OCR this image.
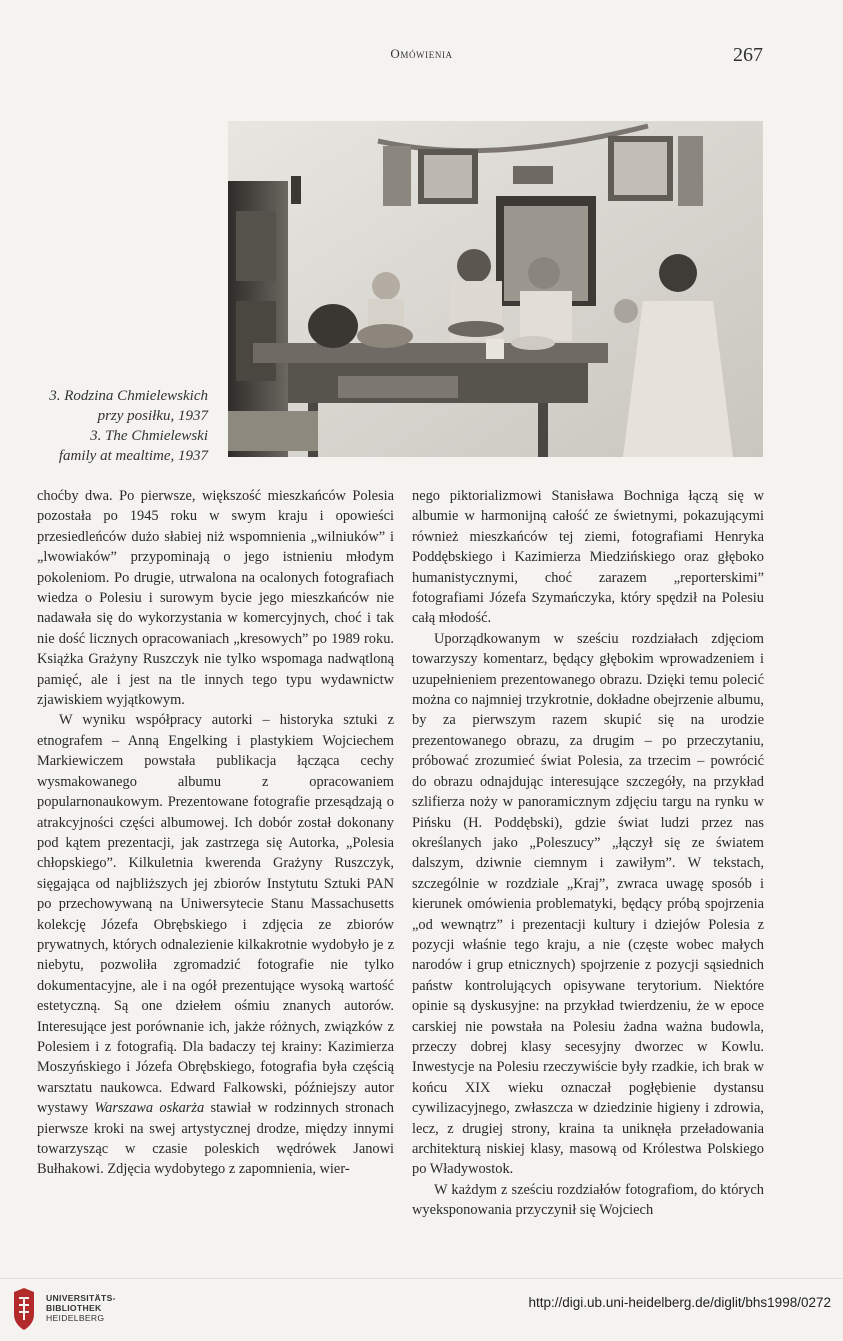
Omówienia	267
3. Rodzina Chmielewskich
przy posiłku, 1937
3. The Chmielewski
family at mealtime, 1937

choćby dwa. Po pierwsze, większość mieszkańców Polesia pozostała po 1945 roku w swym kraju i opowieści przesiedleńców dużo słabiej niż wspomnienia „wilniuków” i „lwowiaków” przypominają o jego istnieniu młodym pokoleniom. Po drugie, utrwalona na ocalonych fotografiach wiedza o Polesiu i surowym bycie jego mieszkańców nie nadawała się do wykorzystania w komercyjnych, choć i tak nie dość licznych opracowaniach „kresowych” po 1989 roku. Książka Grażyny Ruszczyk nie tylko wspomaga nadwątloną pamięć, ale i jest na tle innych tego typu wydawnictw zjawiskiem wyjątkowym.

W wyniku współpracy autorki – historyka sztuki z etnografem – Anną Engelking i plastykiem Wojciechem Markiewiczem powstała publikacja łącząca cechy wysmakowanego albumu z opracowaniem popularnonaukowym. Prezentowane fotografie przesądzają o atrakcyjności części albumowej. Ich dobór został dokonany pod kątem prezentacji, jak zastrzega się Autorka, „Polesia chłopskiego”. Kilkuletnia kwerenda Grażyny Ruszczyk, sięgająca od najbliższych jej zbiorów Instytutu Sztuki PAN po przechowywaną na Uniwersytecie Stanu Massachusetts kolekcję Józefa Obrębskiego i zdjęcia ze zbiorów prywatnych, których odnalezienie kilkakrotnie wydobyło je z niebytu, pozwoliła zgromadzić fotografie nie tylko dokumentacyjne, ale i na ogół prezentujące wysoką wartość estetyczną. Są one dziełem ośmiu znanych autorów. Interesujące jest porównanie ich, jakże różnych, związków z Polesiem i z fotografią. Dla badaczy tej krainy: Kazimierza Moszyńskiego i Józefa Obrębskiego, fotografia była częścią warsztatu naukowca. Edward Falkowski, późniejszy autor wystawy Warszawa oskarża stawiał w rodzinnych stronach pierwsze kroki na swej artystycznej drodze, między innymi towarzysząc w czasie poleskich wędrówek Janowi Bułhakowi. Zdjęcia wydobytego z zapomnienia, wier-

nego piktorializmowi Stanisława Bochniga łączą się w albumie w harmonijną całość ze świetnymi, pokazującymi również mieszkańców tej ziemi, fotografiami Henryka Poddębskiego i Kazimierza Miedzińskiego oraz głęboko humanistycznymi, choć zarazem „reporterskimi” fotografiami Józefa Szymańczyka, który spędził na Polesiu całą młodość.

Uporządkowanym w sześciu rozdziałach zdjęciom towarzyszy komentarz, będący głębokim wprowadzeniem i uzupełnieniem prezentowanego obrazu. Dzięki temu polecić można co najmniej trzykrotnie, dokładne obejrzenie albumu, by za pierwszym razem skupić się na urodzie prezentowanego obrazu, za drugim – po przeczytaniu, próbować zrozumieć świat Polesia, za trzecim – powrócić do obrazu odnajdując interesujące szczegóły, na przykład szlifierza noży w panoramicznym zdjęciu targu na rynku w Pińsku (H. Poddębski), gdzie świat ludzi przez nas określanych jako „Poleszucy” „łączył się ze światem dalszym, dziwnie ciemnym i zawiłym”. W tekstach, szczególnie w rozdziale „Kraj”, zwraca uwagę sposób i kierunek omówienia problematyki, będący próbą spojrzenia „od wewnątrz” i prezentacji kultury i dziejów Polesia z pozycji właśnie tego kraju, a nie (częste wobec małych narodów i grup etnicznych) spojrzenie z pozycji sąsiednich państw kontrolujących opisywane terytorium. Niektóre opinie są dyskusyjne: na przykład twierdzeniu, że w epoce carskiej nie powstała na Polesiu żadna ważna budowla, przeczy dobrej klasy secesyjny dworzec w Kowlu. Inwestycje na Polesiu rzeczywiście były rzadkie, ich brak w końcu XIX wieku oznaczał pogłębienie dystansu cywilizacyjnego, zwłaszcza w dziedzinie higieny i zdrowia, lecz, z drugiej strony, kraina ta uniknęła przeładowania architekturą niskiej klasy, masową od Królestwa Polskiego po Władywostok.

W każdym z sześciu rozdziałów fotografiom, do których wyeksponowania przyczynił się Wojciech

UNIVERSITÄTS-
BIBLIOTHEK
HEIDELBERG
http://digi.ub.uni-heidelberg.de/diglit/bhs1998/0272
